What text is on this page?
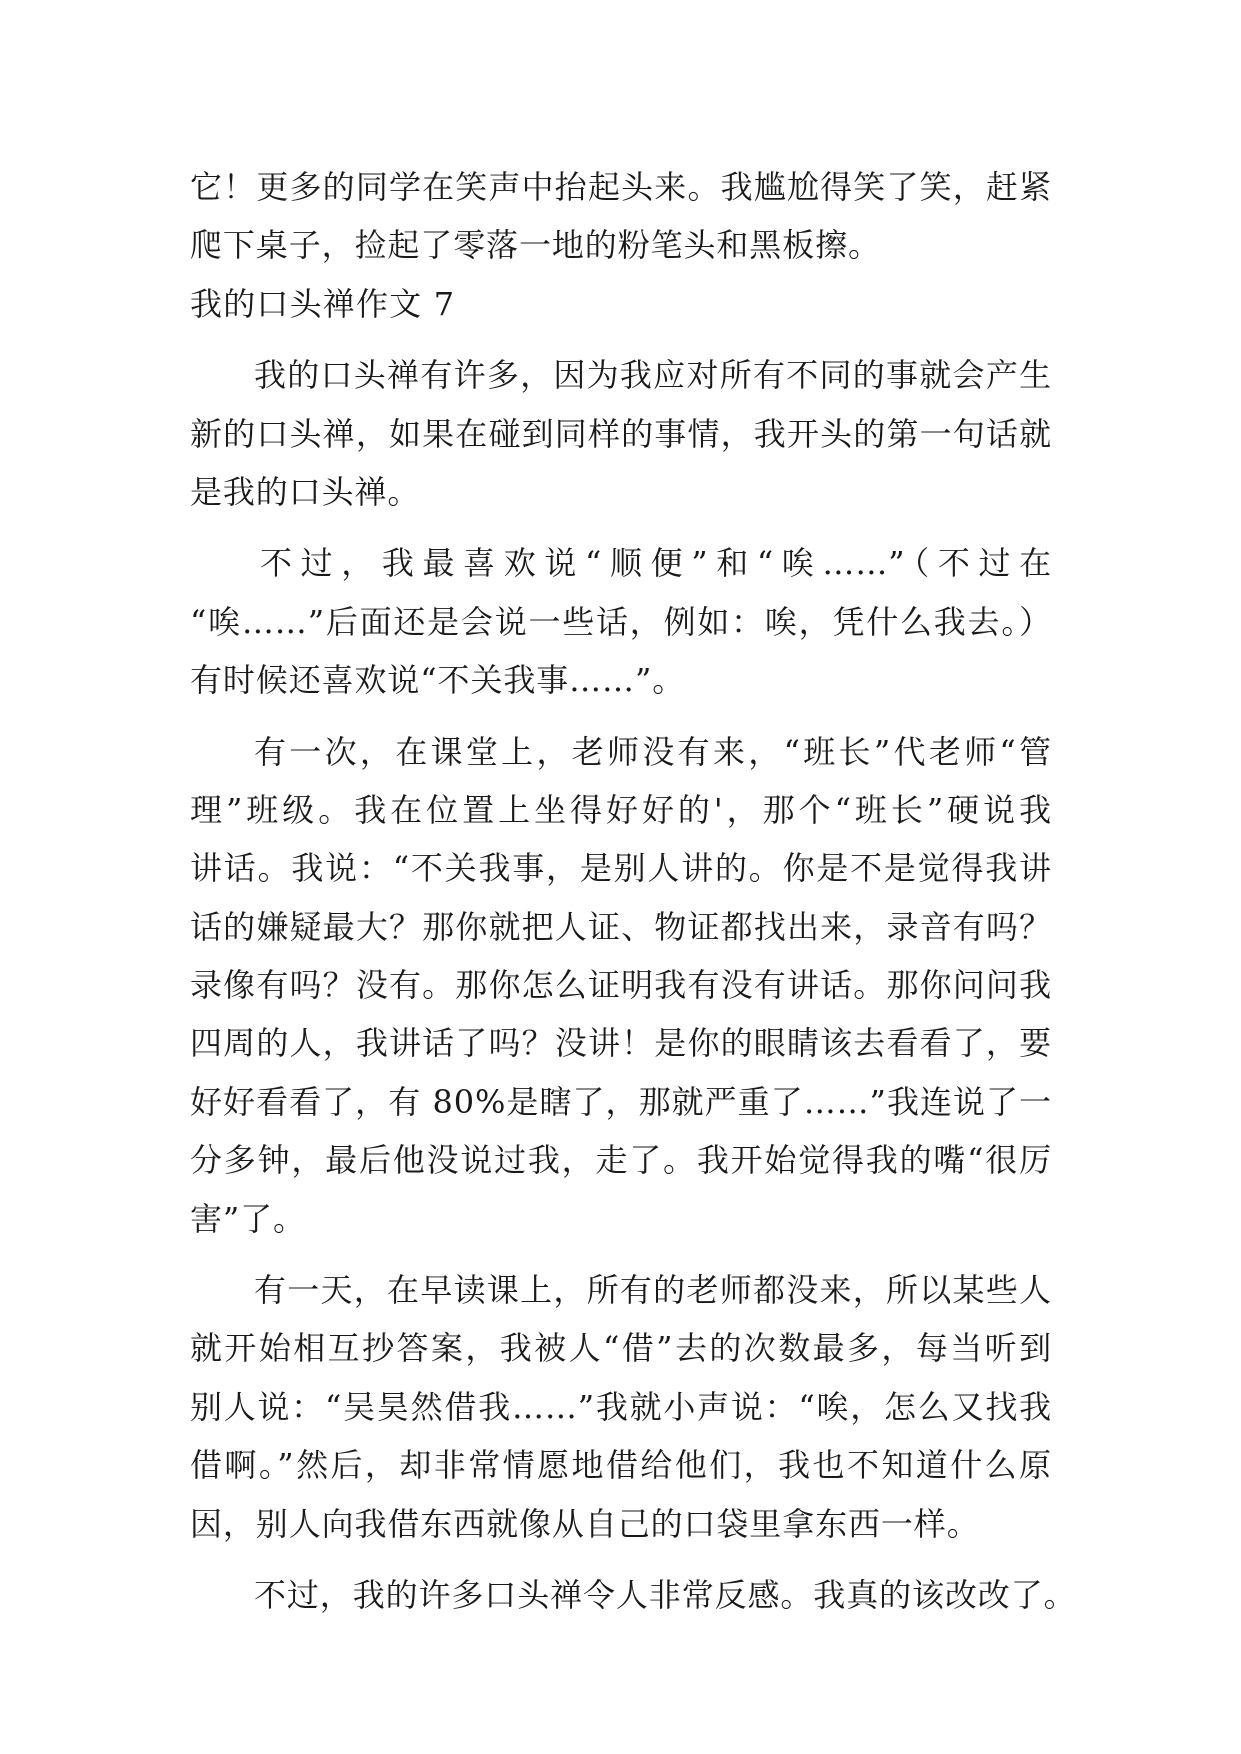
它！更多的同学在笑声中抬起头来。我尴尬得笑了笑，赶紧
爬下桌子，捡起了零落一地的粉笔头和黑板擦。
我的口头禅作文 7
我的口头禅有许多，因为我应对所有不同的事就会产生
新的口头禅，如果在碰到同样的事情，我开头的第一句话就
是我的口头禅。
不过，我最喜欢说“顺便”和“唉……”（不过在
“唉……”后面还是会说一些话，例如：唉，凭什么我去。）
有时候还喜欢说“不关我事……”。
有一次，在课堂上，老师没有来，“班长”代老师“管
理”班级。我在位置上坐得好好的'，那个“班长”硬说我
讲话。我说：“不关我事，是别人讲的。你是不是觉得我讲
话的嫌疑最大？那你就把人证、物证都找出来，录音有吗？
录像有吗？没有。那你怎么证明我有没有讲话。那你问问我
四周的人，我讲话了吗？没讲！是你的眼睛该去看看了，要
好好看看了，有 80%是瞎了，那就严重了……”我连说了一
分多钟，最后他没说过我，走了。我开始觉得我的嘴“很厉
害”了。
有一天，在早读课上，所有的老师都没来，所以某些人
就开始相互抄答案，我被人“借”去的次数最多，每当听到
别人说：“吴昊然借我……”我就小声说：“唉，怎么又找我
借啊。”然后，却非常情愿地借给他们，我也不知道什么原
因，别人向我借东西就像从自己的口袋里拿东西一样。
不过，我的许多口头禅令人非常反感。我真的该改改了。
